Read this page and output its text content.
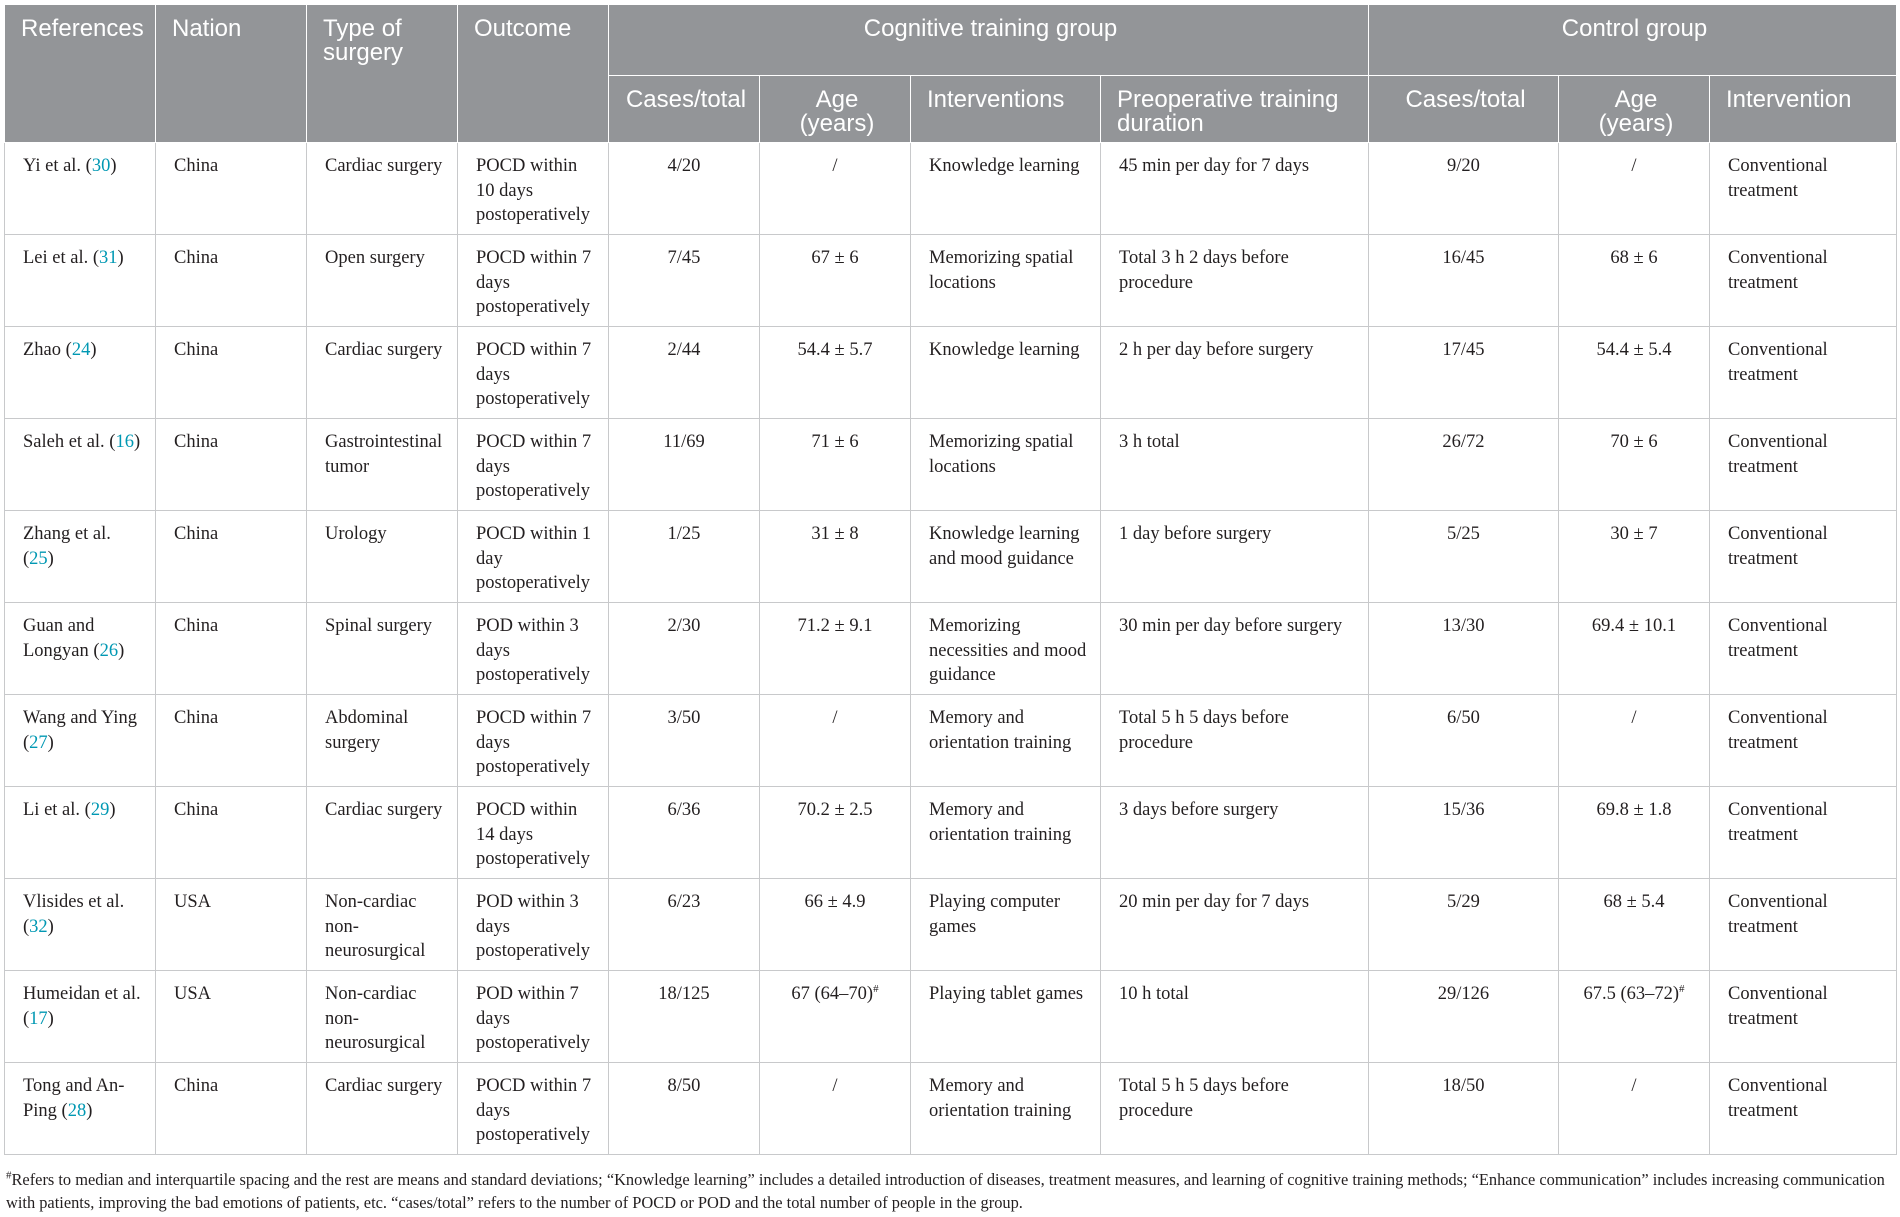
References	Nation	Type of surgery	Outcome	Cognitive training group				Control group		
				Cases/total	Age (years)	Interventions	Preoperative training duration	Cases/total	Age (years)	Intervention
Yi et al. (30)	China	Cardiac surgery	POCD within 10 days postoperatively	4/20	/	Knowledge learning	45 min per day for 7 days	9/20	/	Conventional treatment
Lei et al. (31)	China	Open surgery	POCD within 7 days postoperatively	7/45	67 ± 6	Memorizing spatial locations	Total 3 h 2 days before procedure	16/45	68 ± 6	Conventional treatment
Zhao (24)	China	Cardiac surgery	POCD within 7 days postoperatively	2/44	54.4 ± 5.7	Knowledge learning	2 h per day before surgery	17/45	54.4 ± 5.4	Conventional treatment
Saleh et al. (16)	China	Gastrointestinal tumor	POCD within 7 days postoperatively	11/69	71 ± 6	Memorizing spatial locations	3 h total	26/72	70 ± 6	Conventional treatment
Zhang et al. (25)	China	Urology	POCD within 1 day postoperatively	1/25	31 ± 8	Knowledge learning and mood guidance	1 day before surgery	5/25	30 ± 7	Conventional treatment
Guan and Longyan (26)	China	Spinal surgery	POD within 3 days postoperatively	2/30	71.2 ± 9.1	Memorizing necessities and mood guidance	30 min per day before surgery	13/30	69.4 ± 10.1	Conventional treatment
Wang and Ying (27)	China	Abdominal surgery	POCD within 7 days postoperatively	3/50	/	Memory and orientation training	Total 5 h 5 days before procedure	6/50	/	Conventional treatment
Li et al. (29)	China	Cardiac surgery	POCD within 14 days postoperatively	6/36	70.2 ± 2.5	Memory and orientation training	3 days before surgery	15/36	69.8 ± 1.8	Conventional treatment
Vlisides et al. (32)	USA	Non-cardiac non-neurosurgical	POD within 3 days postoperatively	6/23	66 ± 4.9	Playing computer games	20 min per day for 7 days	5/29	68 ± 5.4	Conventional treatment
Humeidan et al. (17)	USA	Non-cardiac non-neurosurgical	POD within 7 days postoperatively	18/125	67 (64–70)#	Playing tablet games	10 h total	29/126	67.5 (63–72)#	Conventional treatment
Tong and An-Ping (28)	China	Cardiac surgery	POCD within 7 days postoperatively	8/50	/	Memory and orientation training	Total 5 h 5 days before procedure	18/50	/	Conventional treatment
#Refers to median and interquartile spacing and the rest are means and standard deviations; “Knowledge learning” includes a detailed introduction of diseases, treatment measures, and learning of cognitive training methods; “Enhance communication” includes increasing communication with patients, improving the bad emotions of patients, etc. “cases/total” refers to the number of POCD or POD and the total number of people in the group.
